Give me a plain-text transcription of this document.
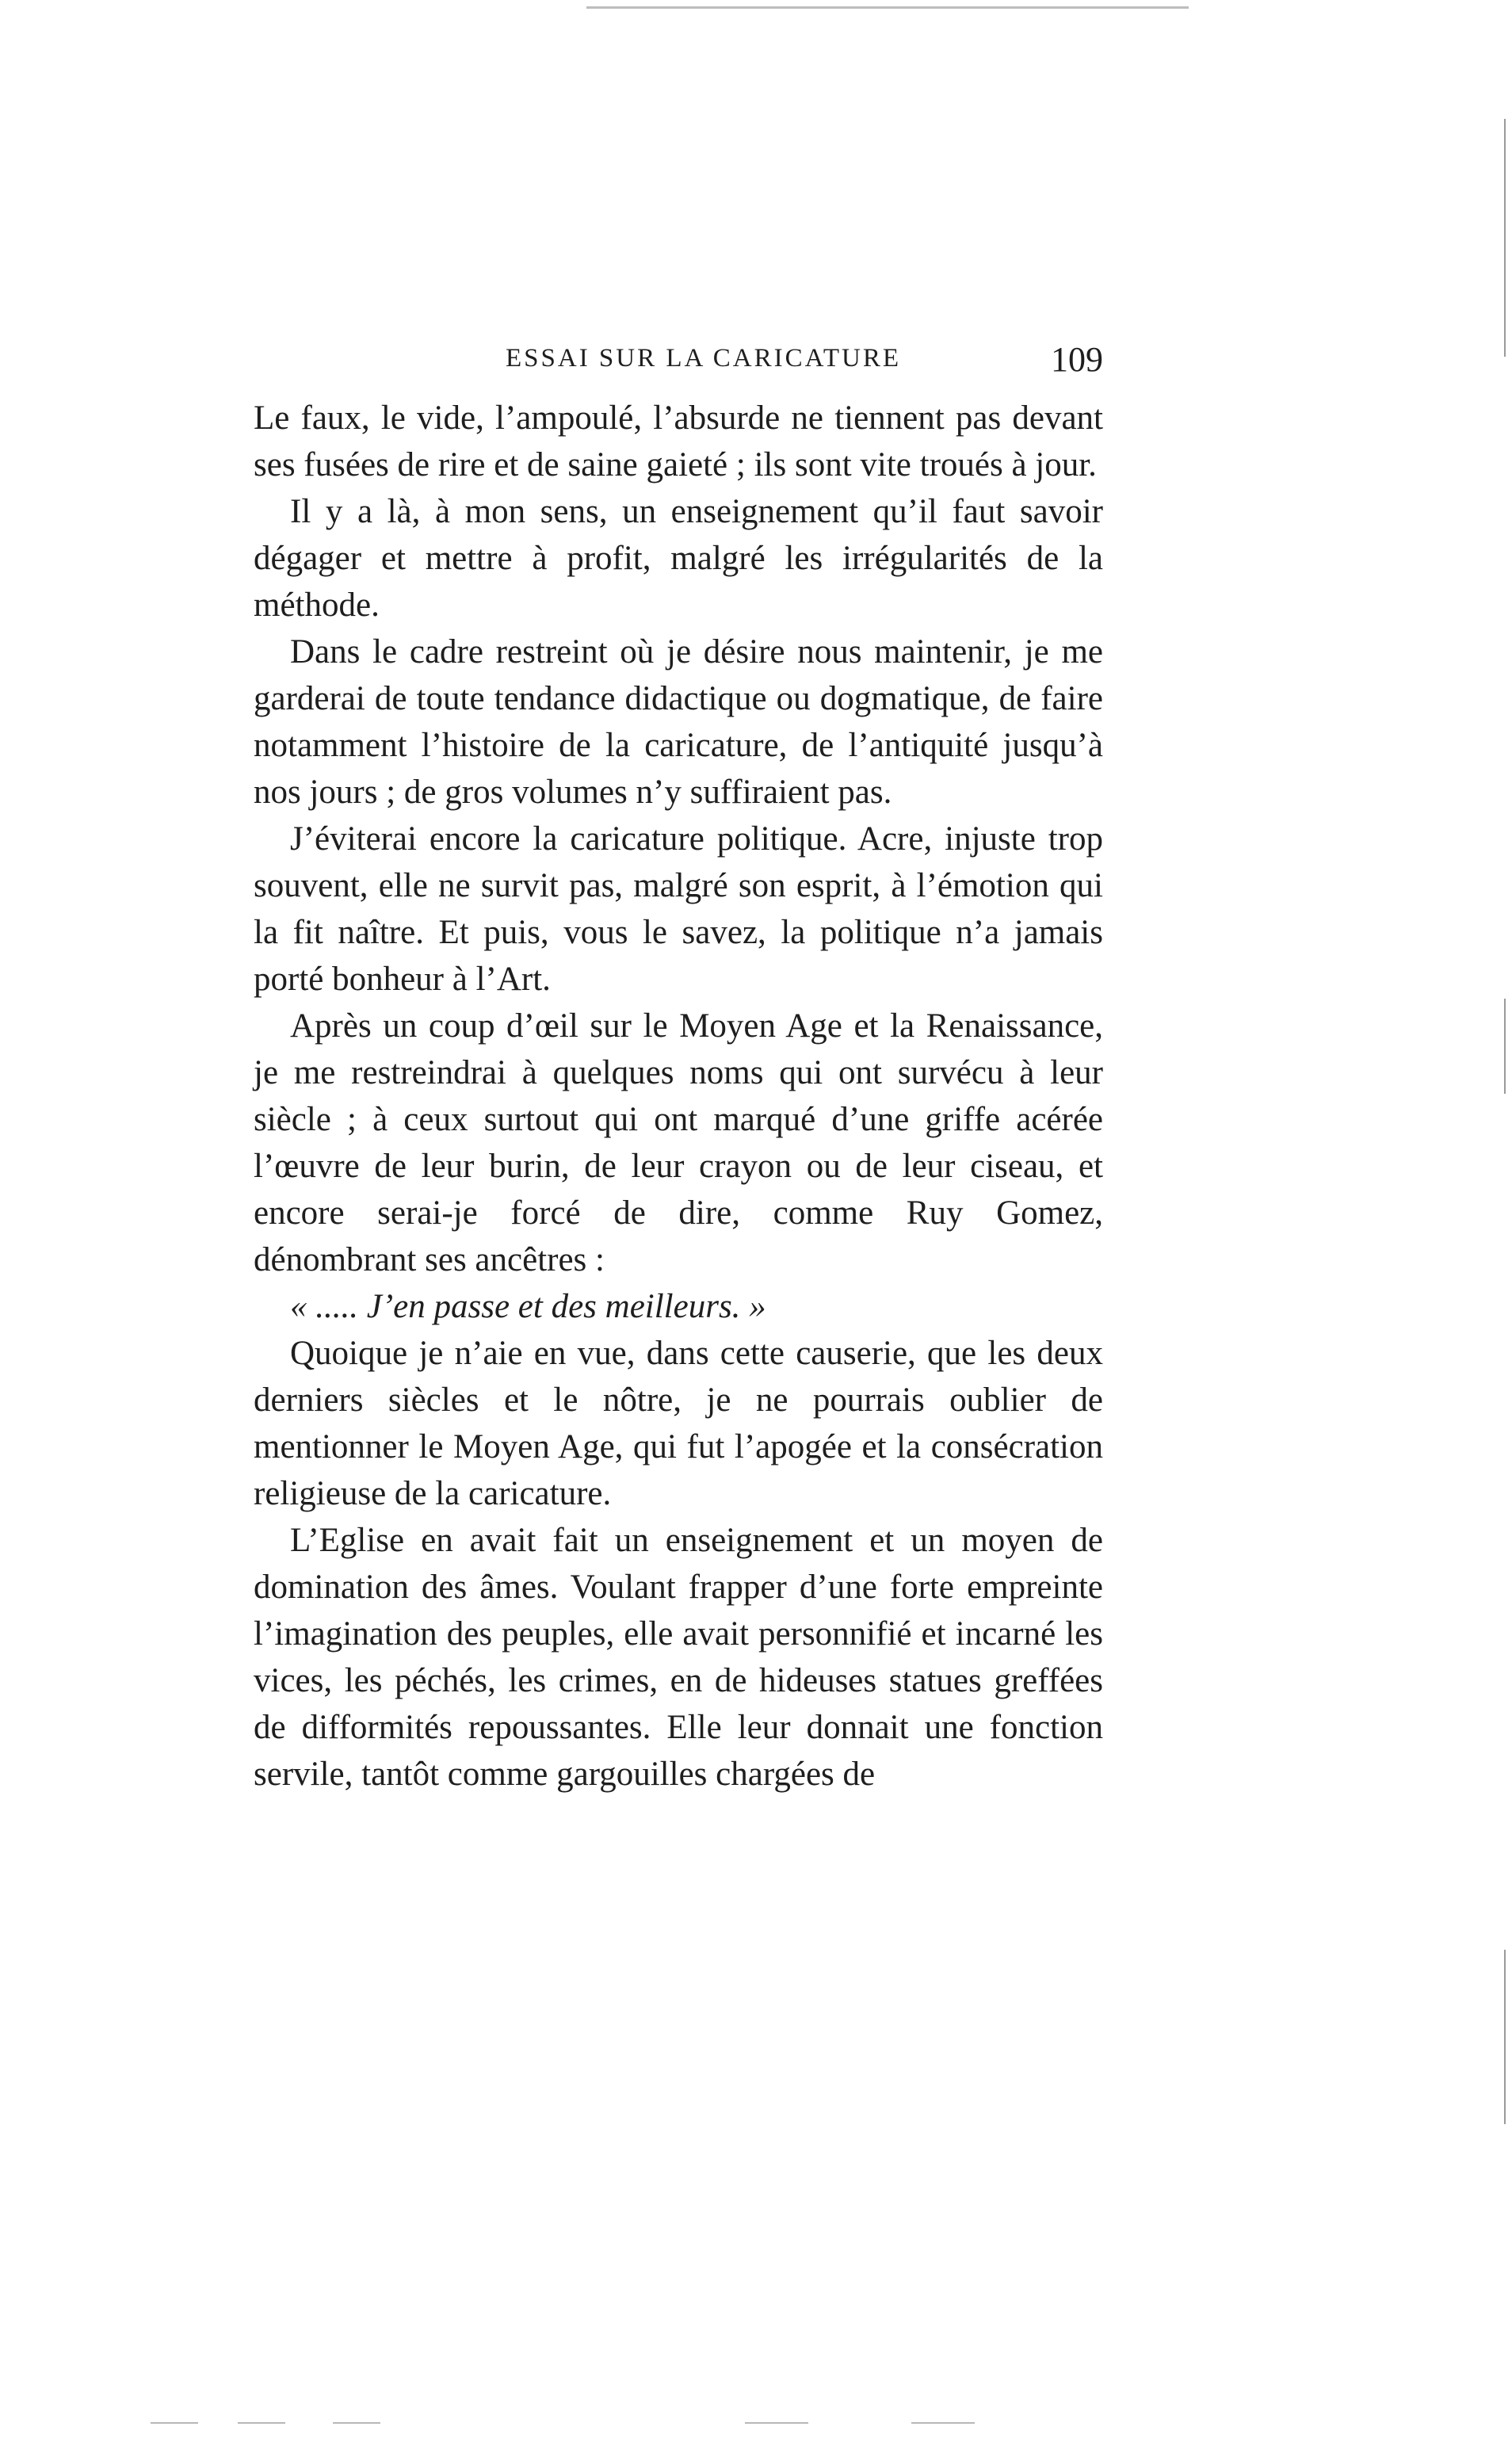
ESSAI SUR LA CARICATURE	109

Le faux, le vide, l’ampoulé, l’absurde ne tiennent pas devant ses fusées de rire et de saine gaieté ; ils sont vite troués à jour.

Il y a là, à mon sens, un enseignement qu’il faut savoir dégager et mettre à profit, malgré les irrégularités de la méthode.

Dans le cadre restreint où je désire nous maintenir, je me garderai de toute tendance didactique ou dogmatique, de faire notamment l’histoire de la caricature, de l’antiquité jusqu’à nos jours ; de gros volumes n’y suffiraient pas.

J’éviterai encore la caricature politique. Acre, injuste trop souvent, elle ne survit pas, malgré son esprit, à l’émotion qui la fit naître. Et puis, vous le savez, la politique n’a jamais porté bonheur à l’Art.

Après un coup d’œil sur le Moyen Age et la Renaissance, je me restreindrai à quelques noms qui ont survécu à leur siècle ; à ceux surtout qui ont marqué d’une griffe acérée l’œuvre de leur burin, de leur crayon ou de leur ciseau, et encore serai-je forcé de dire, comme Ruy Gomez, dénombrant ses ancêtres :

« ..... J’en passe et des meilleurs. »

Quoique je n’aie en vue, dans cette causerie, que les deux derniers siècles et le nôtre, je ne pourrais oublier de mentionner le Moyen Age, qui fut l’apogée et la consécration religieuse de la caricature.

L’Eglise en avait fait un enseignement et un moyen de domination des âmes. Voulant frapper d’une forte empreinte l’imagination des peuples, elle avait personnifié et incarné les vices, les péchés, les crimes, en de hideuses statues greffées de difformités repoussantes. Elle leur donnait une fonction servile, tantôt comme gargouilles chargées de
